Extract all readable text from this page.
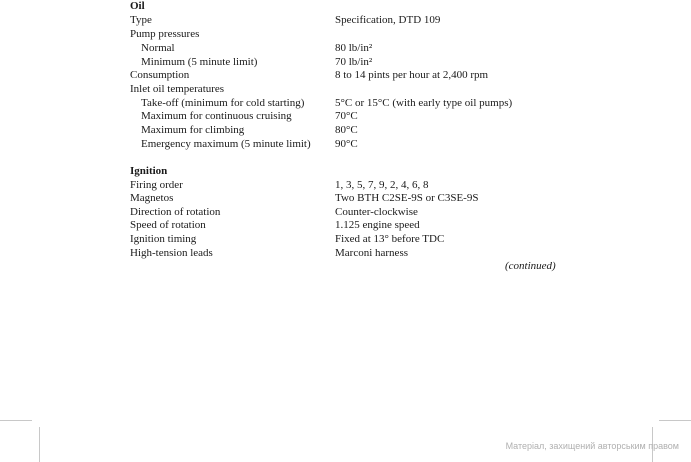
Oil
Type	Specification, DTD 109
Pump pressures
Normal	80 lb/in²
Minimum (5 minute limit)	70 lb/in²
Consumption	8 to 14 pints per hour at 2,400 rpm
Inlet oil temperatures
Take-off (minimum for cold starting)	5°C or 15°C (with early type oil pumps)
Maximum for continuous cruising	70°C
Maximum for climbing	80°C
Emergency maximum (5 minute limit) 90°C
Ignition
Firing order	1, 3, 5, 7, 9, 2, 4, 6, 8
Magnetos	Two BTH C2SE-9S or C3SE-9S
Direction of rotation	Counter-clockwise
Speed of rotation	1.125 engine speed
Ignition timing	Fixed at 13° before TDC
High-tension leads	Marconi harness
(continued)
Матеріал, захищений авторським правом
